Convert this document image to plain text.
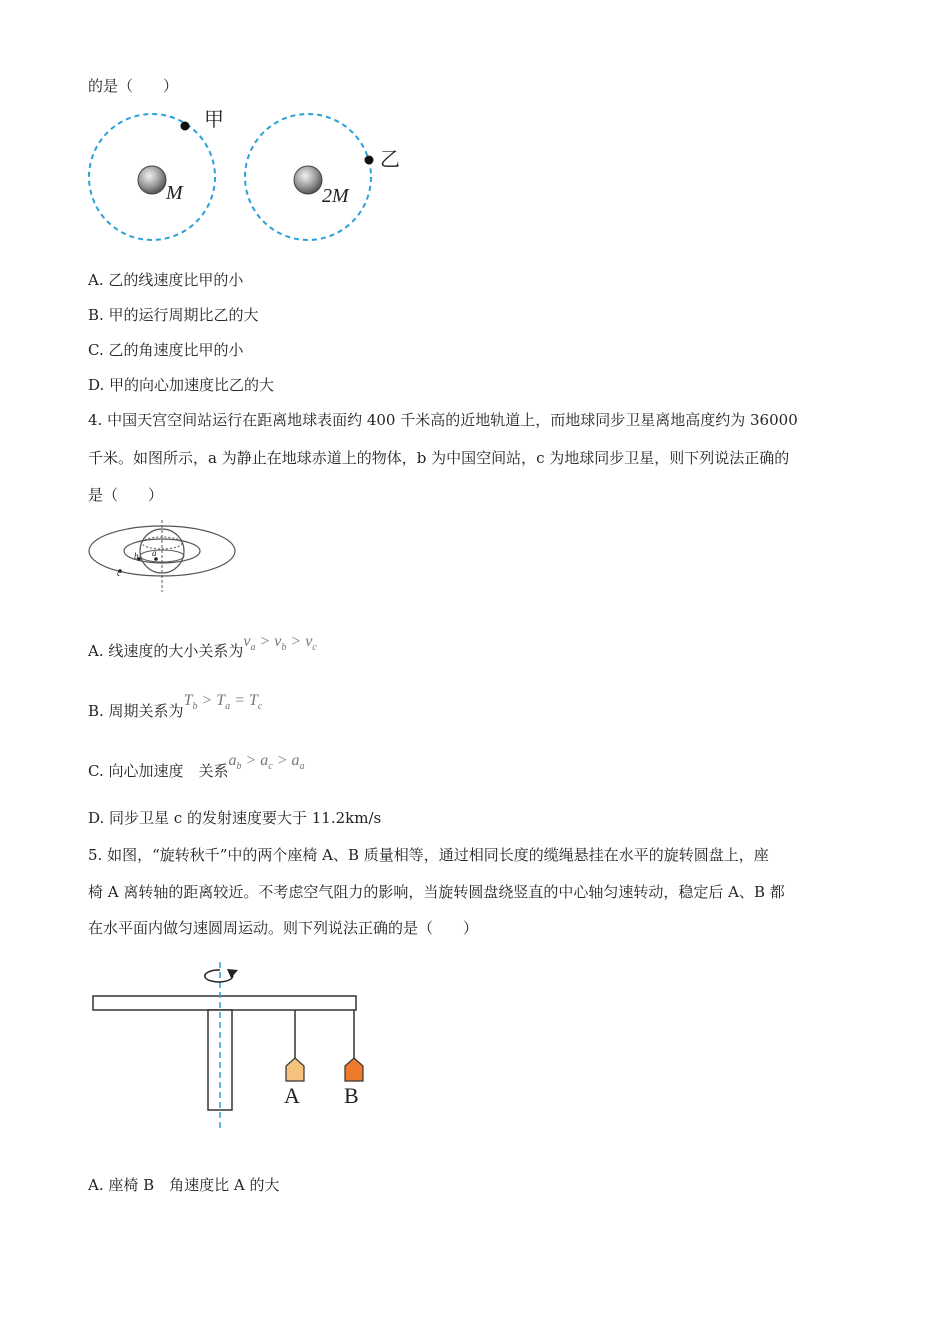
的是（　　）
甲
乙
M	2M
A. 乙的线速度比甲的小
B. 甲的运行周期比乙的大
C. 乙的角速度比甲的小
D. 甲的向心加速度比乙的大
4. 中国天宫空间站运行在距离地球表面约 400 千米高的近地轨道上，而地球同步卫星离地高度约为 36000
千米。如图所示，a 为静止在地球赤道上的物体，b 为中国空间站，c 为地球同步卫星，则下列说法正确的
是（　　）
a
b
c
A. 线速度的大小关系为$v_a > v_b > v_c$
B. 周期关系为$T_b > T_a = T_c$
C. 向心加速度　关系$a_b > a_c > a_a$
D. 同步卫星 c 的发射速度要大于 11.2km/s
5. 如图，“旋转秋千”中的两个座椅 A、B 质量相等，通过相同长度的缆绳悬挂在水平的旋转圆盘上，座
椅 A 离转轴的距离较近。不考虑空气阻力的影响，当旋转圆盘绕竖直的中心轴匀速转动，稳定后 A、B 都
在水平面内做匀速圆周运动。则下列说法正确的是（　　）
A B
A. 座椅 B　角速度比 A 的大
